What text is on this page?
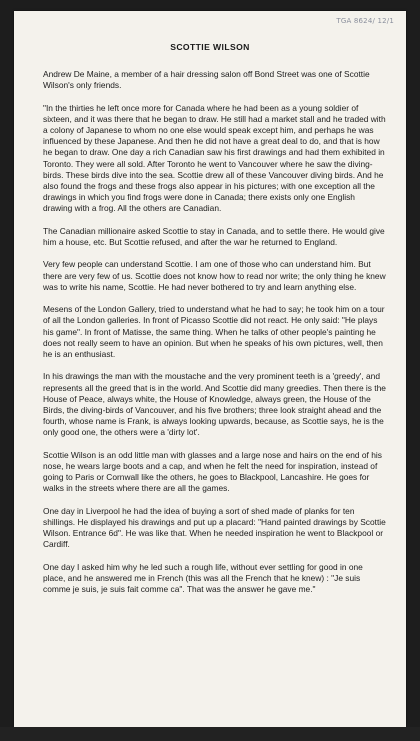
TGA 8624/ 12/1
SCOTTIE WILSON

Andrew De Maine, a member of a hair dressing salon off Bond Street was one of Scottie Wilson's only friends.

"In the thirties he left once more for Canada where he had been as a young soldier of sixteen, and it was there that he began to draw. He still had a market stall and he traded with a colony of Japanese to whom no one else would speak except him, and perhaps he was influenced by these Japanese. And then he did not have a great deal to do, and that is how he began to draw. One day a rich Canadian saw his first drawings and had them exhibited in Toronto. They were all sold. After Toronto he went to Vancouver where he saw the diving-birds. These birds dive into the sea. Scottie drew all of these Vancouver diving birds. And he also found the frogs and these frogs also appear in his pictures; with one exception all the drawings in which you find frogs were done in Canada; there exists only one English drawing with a frog. All the others are Canadian.

The Canadian millionaire asked Scottie to stay in Canada, and to settle there. He would give him a house, etc. But Scottie refused, and after the war he returned to England.

Very few people can understand Scottie. I am one of those who can understand him. But there are very few of us. Scottie does not know how to read nor write; the only thing he knew was to write his name, Scottie. He had never bothered to try and learn anything else.

Mesens of the London Gallery, tried to understand what he had to say; he took him on a tour of all the London galleries. In front of Picasso Scottie did not react. He only said: "He plays his game". In front of Matisse, the same thing. When he talks of other people's painting he does not really seem to have an opinion. But when he speaks of his own pictures, well, then he is an enthusiast.

In his drawings the man with the moustache and the very prominent teeth is a 'greedy', and represents all the greed that is in the world. And Scottie did many greedies. Then there is the House of Peace, always white, the House of Knowledge, always green, the House of the Birds, the diving-birds of Vancouver, and his five brothers; three look straight ahead and the fourth, whose name is Frank, is always looking upwards, because, as Scottie says, he is the only good one, the others were a 'dirty lot'.

Scottie Wilson is an odd little man with glasses and a large nose and hairs on the end of his nose, he wears large boots and a cap, and when he felt the need for inspiration, instead of going to Paris or Cornwall like the others, he goes to Blackpool, Lancashire. He goes for walks in the streets where there are all the games.

One day in Liverpool he had the idea of buying a sort of shed made of planks for ten shillings. He displayed his drawings and put up a placard: "Hand painted drawings by Scottie Wilson. Entrance 6d". He was like that. When he needed inspiration he went to Blackpool or Cardiff.

One day I asked him why he led such a rough life, without ever settling for good in one place, and he answered me in French (this was all the French that he knew) : "Je suis comme je suis, je suis fait comme ca". That was the answer he gave me."
